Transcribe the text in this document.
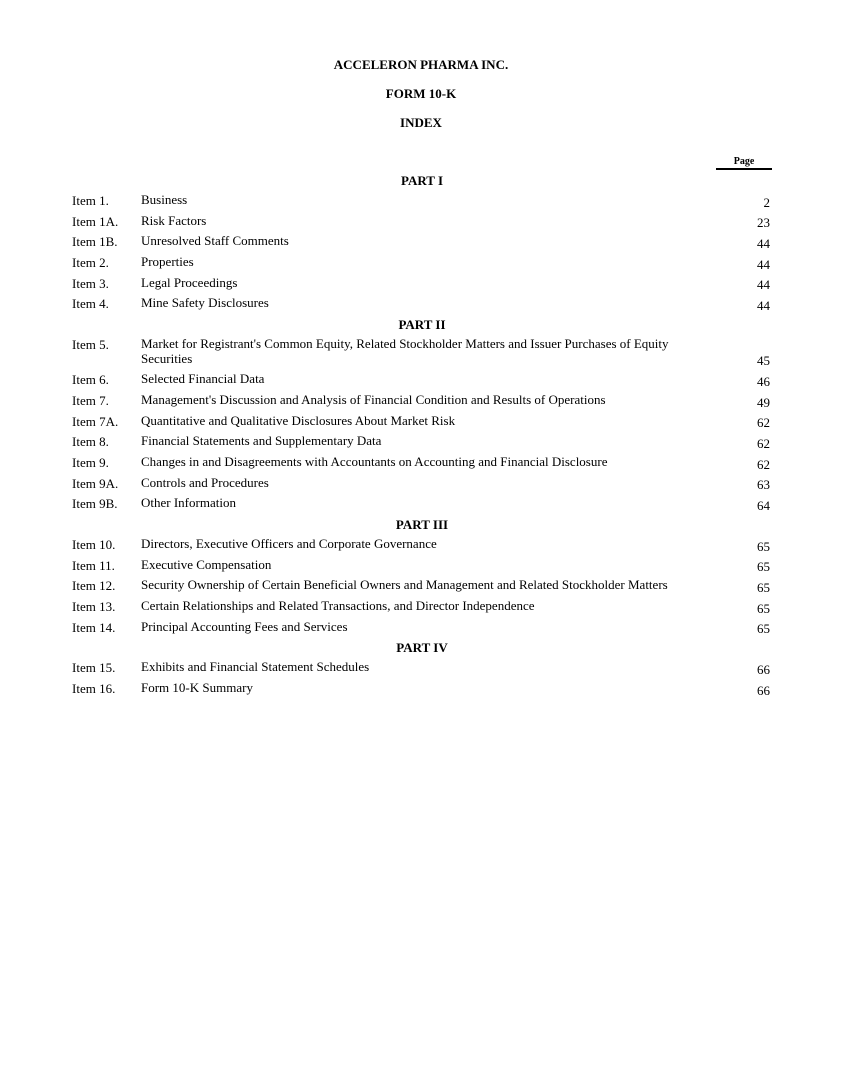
ACCELERON PHARMA INC.
FORM 10-K
INDEX
Page
PART I
Item 1. Business	2
Item 1A. Risk Factors	23
Item 1B. Unresolved Staff Comments	44
Item 2. Properties	44
Item 3. Legal Proceedings	44
Item 4. Mine Safety Disclosures	44
PART II
Item 5. Market for Registrant's Common Equity, Related Stockholder Matters and Issuer Purchases of Equity Securities	45
Item 6. Selected Financial Data	46
Item 7. Management's Discussion and Analysis of Financial Condition and Results of Operations	49
Item 7A. Quantitative and Qualitative Disclosures About Market Risk	62
Item 8. Financial Statements and Supplementary Data	62
Item 9. Changes in and Disagreements with Accountants on Accounting and Financial Disclosure	62
Item 9A. Controls and Procedures	63
Item 9B. Other Information	64
PART III
Item 10. Directors, Executive Officers and Corporate Governance	65
Item 11. Executive Compensation	65
Item 12. Security Ownership of Certain Beneficial Owners and Management and Related Stockholder Matters	65
Item 13. Certain Relationships and Related Transactions, and Director Independence	65
Item 14. Principal Accounting Fees and Services	65
PART IV
Item 15. Exhibits and Financial Statement Schedules	66
Item 16. Form 10-K Summary	66
